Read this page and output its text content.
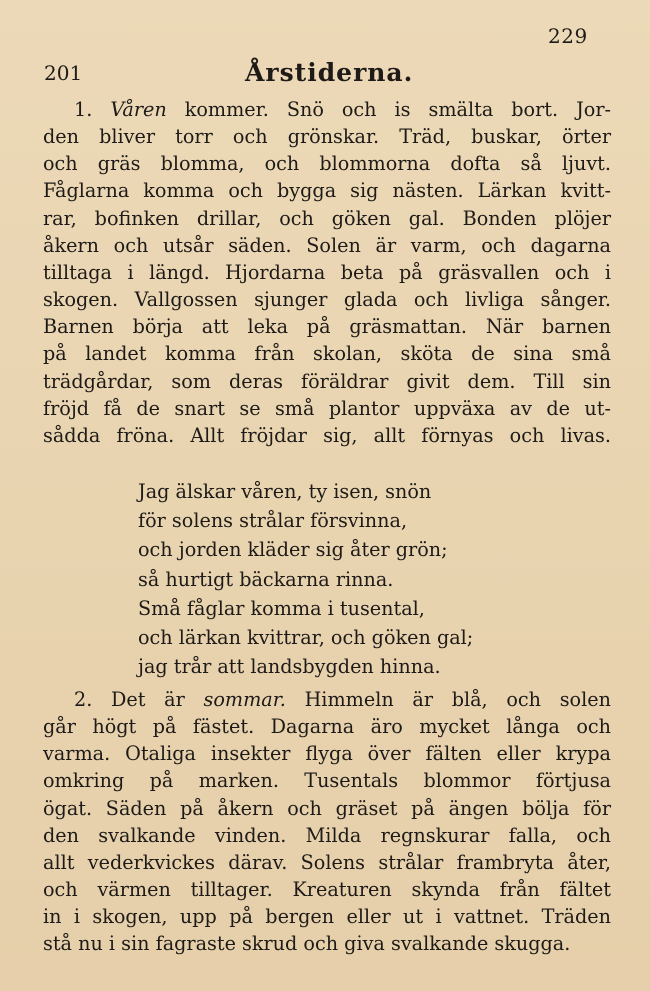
229
201	Årstiderna.
1. Våren kommer. Snö och is smälta bort. Jor-
den bliver torr och grönskar. Träd, buskar, örter
och gräs blomma, och blommorna dofta så ljuvt.
Fåglarna komma och bygga sig nästen. Lärkan kvitt-
rar, bofinken drillar, och göken gal. Bonden plöjer
åkern och utsår säden. Solen är varm, och dagarna
tilltaga i längd. Hjordarna beta på gräsvallen och i
skogen. Vallgossen sjunger glada och livliga sånger.
Barnen börja att leka på gräsmattan. När barnen
på landet komma från skolan, sköta de sina små
trädgårdar, som deras föräldrar givit dem. Till sin
fröjd få de snart se små plantor uppväxa av de ut-
sådda fröna. Allt fröjdar sig, allt förnyas och livas.
Jag älskar våren, ty isen, snön
för solens strålar försvinna,
och jorden kläder sig åter grön;
så hurtigt bäckarna rinna.
Små fåglar komma i tusental,
och lärkan kvittrar, och göken gal;
jag trår att landsbygden hinna.
2. Det är sommar. Himmeln är blå, och solen
går högt på fästet. Dagarna äro mycket långa och
varma. Otaliga insekter flyga över fälten eller krypa
omkring på marken. Tusentals blommor förtjusa
ögat. Säden på åkern och gräset på ängen bölja för
den svalkande vinden. Milda regnskurar falla, och
allt vederkvickes därav. Solens strålar frambryta åter,
och värmen tilltager. Kreaturen skynda från fältet
in i skogen, upp på bergen eller ut i vattnet. Träden
stå nu i sin fagraste skrud och giva svalkande skugga.
